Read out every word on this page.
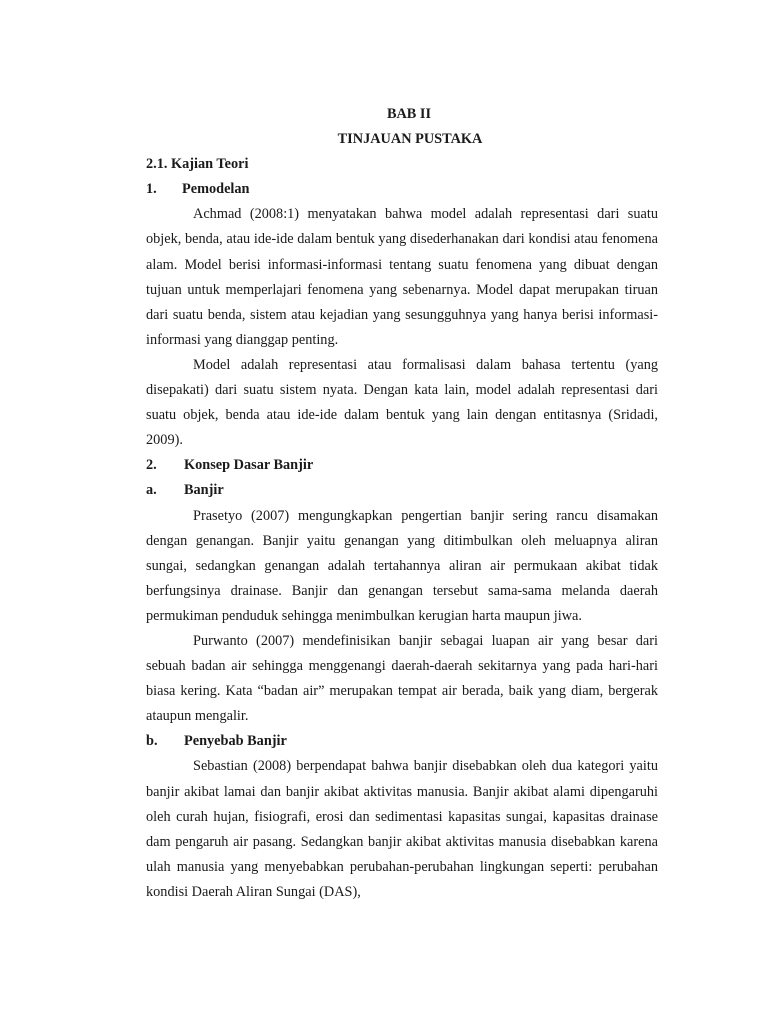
BAB II
TINJAUAN PUSTAKA
2.1. Kajian Teori
1. Pemodelan

Achmad (2008:1) menyatakan bahwa model adalah representasi dari suatu objek, benda, atau ide-ide dalam bentuk yang disederhanakan dari kondisi atau fenomena alam. Model berisi informasi-informasi tentang suatu fenomena yang dibuat dengan tujuan untuk memperlajari fenomena yang sebenarnya. Model dapat merupakan tiruan dari suatu benda, sistem atau kejadian yang sesungguhnya yang hanya berisi informasi-informasi yang dianggap penting.

Model adalah representasi atau formalisasi dalam bahasa tertentu (yang disepakati) dari suatu sistem nyata. Dengan kata lain, model adalah representasi dari suatu objek, benda atau ide-ide dalam bentuk yang lain dengan entitasnya (Sridadi, 2009).

2. Konsep Dasar Banjir
a. Banjir

Prasetyo (2007) mengungkapkan pengertian banjir sering rancu disamakan dengan genangan. Banjir yaitu genangan yang ditimbulkan oleh meluapnya aliran sungai, sedangkan genangan adalah tertahannya aliran air permukaan akibat tidak berfungsinya drainase. Banjir dan genangan tersebut sama-sama melanda daerah permukiman penduduk sehingga menimbulkan kerugian harta maupun jiwa.

Purwanto (2007) mendefinisikan banjir sebagai luapan air yang besar dari sebuah badan air sehingga menggenangi daerah-daerah sekitarnya yang pada hari-hari biasa kering. Kata “badan air” merupakan tempat air berada, baik yang diam, bergerak ataupun mengalir.

b. Penyebab Banjir

Sebastian (2008) berpendapat bahwa banjir disebabkan oleh dua kategori yaitu banjir akibat lamai dan banjir akibat aktivitas manusia. Banjir akibat alami dipengaruhi oleh curah hujan, fisiografi, erosi dan sedimentasi kapasitas sungai, kapasitas drainase dam pengaruh air pasang. Sedangkan banjir akibat aktivitas manusia disebabkan karena ulah manusia yang menyebabkan perubahan-perubahan lingkungan seperti: perubahan kondisi Daerah Aliran Sungai (DAS),
